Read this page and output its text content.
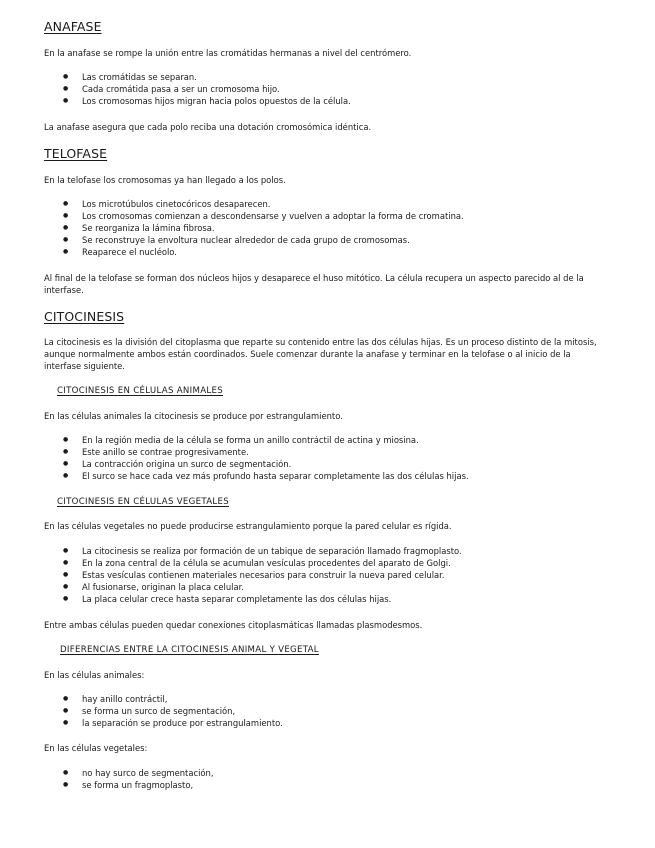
ANAFASE

En la anafase se rompe la unión entre las cromátidas hermanas a nivel del centrómero.

● Las cromátidas se separan.
● Cada cromátida pasa a ser un cromosoma hijo.
● Los cromosomas hijos migran hacia polos opuestos de la célula.

La anafase asegura que cada polo reciba una dotación cromosómica idéntica.

TELOFASE

En la telofase los cromosomas ya han llegado a los polos.

● Los microtúbulos cinetocóricos desaparecen.
● Los cromosomas comienzan a descondensarse y vuelven a adoptar la forma de cromatina.
● Se reorganiza la lámina fibrosa.
● Se reconstruye la envoltura nuclear alrededor de cada grupo de cromosomas.
● Reaparece el nucléolo.

Al final de la telofase se forman dos núcleos hijos y desaparece el huso mitótico. La célula recupera un aspecto parecido al de la interfase.

CITOCINESIS

La citocinesis es la división del citoplasma que reparte su contenido entre las dos células hijas. Es un proceso distinto de la mitosis, aunque normalmente ambos están coordinados. Suele comenzar durante la anafase y terminar en la telofase o al inicio de la interfase siguiente.

CITOCINESIS EN CÉLULAS ANIMALES

En las células animales la citocinesis se produce por estrangulamiento.

● En la región media de la célula se forma un anillo contráctil de actina y miosina.
● Este anillo se contrae progresivamente.
● La contracción origina un surco de segmentación.
● El surco se hace cada vez más profundo hasta separar completamente las dos células hijas.
CITOCINESIS EN CÉLULAS VEGETALES

En las células vegetales no puede producirse estrangulamiento porque la pared celular es rígida.

● La citocinesis se realiza por formación de un tabique de separación llamado fragmoplasto.
● En la zona central de la célula se acumulan vesículas procedentes del aparato de Golgi.
● Estas vesículas contienen materiales necesarios para construir la nueva pared celular.
● Al fusionarse, originan la placa celular.
● La placa celular crece hasta separar completamente las dos células hijas.

Entre ambas células pueden quedar conexiones citoplasmáticas llamadas plasmodesmos.

DIFERENCIAS ENTRE LA CITOCINESIS ANIMAL Y VEGETAL

En las células animales:

● hay anillo contráctil,
● se forma un surco de segmentación,
● la separación se produce por estrangulamiento.

En las células vegetales:

● no hay surco de segmentación,
● se forma un fragmoplasto,
